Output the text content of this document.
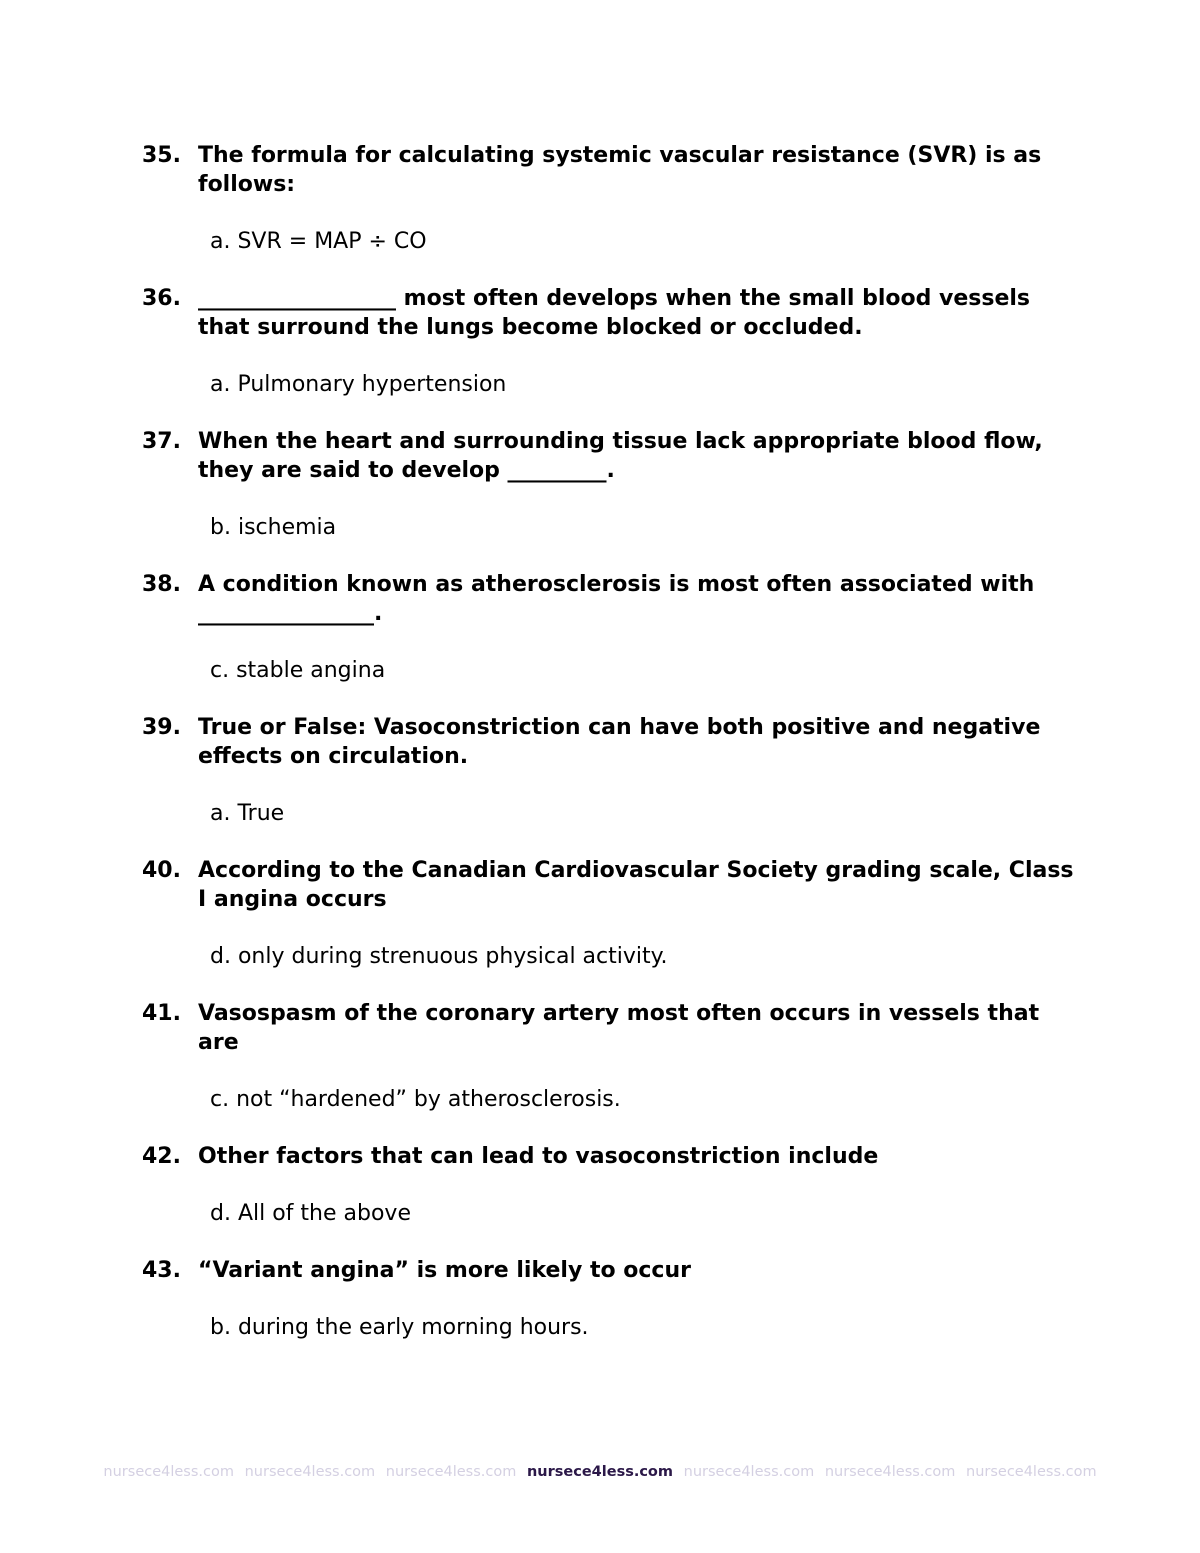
35. The formula for calculating systemic vascular resistance (SVR) is as follows:
a. SVR = MAP ÷ CO
36. __________________ most often develops when the small blood vessels that surround the lungs become blocked or occluded.
a. Pulmonary hypertension
37. When the heart and surrounding tissue lack appropriate blood flow, they are said to develop _________.
b. ischemia
38. A condition known as atherosclerosis is most often associated with ________________.
c. stable angina
39. True or False: Vasoconstriction can have both positive and negative effects on circulation.
a. True
40. According to the Canadian Cardiovascular Society grading scale, Class I angina occurs
d. only during strenuous physical activity.
41. Vasospasm of the coronary artery most often occurs in vessels that are
c. not “hardened” by atherosclerosis.
42. Other factors that can lead to vasoconstriction include
d. All of the above
43. “Variant angina” is more likely to occur
b. during the early morning hours.
nursece4less.com nursece4less.com nursece4less.com nursece4less.com nursece4less.com nursece4less.com nursece4less.com
